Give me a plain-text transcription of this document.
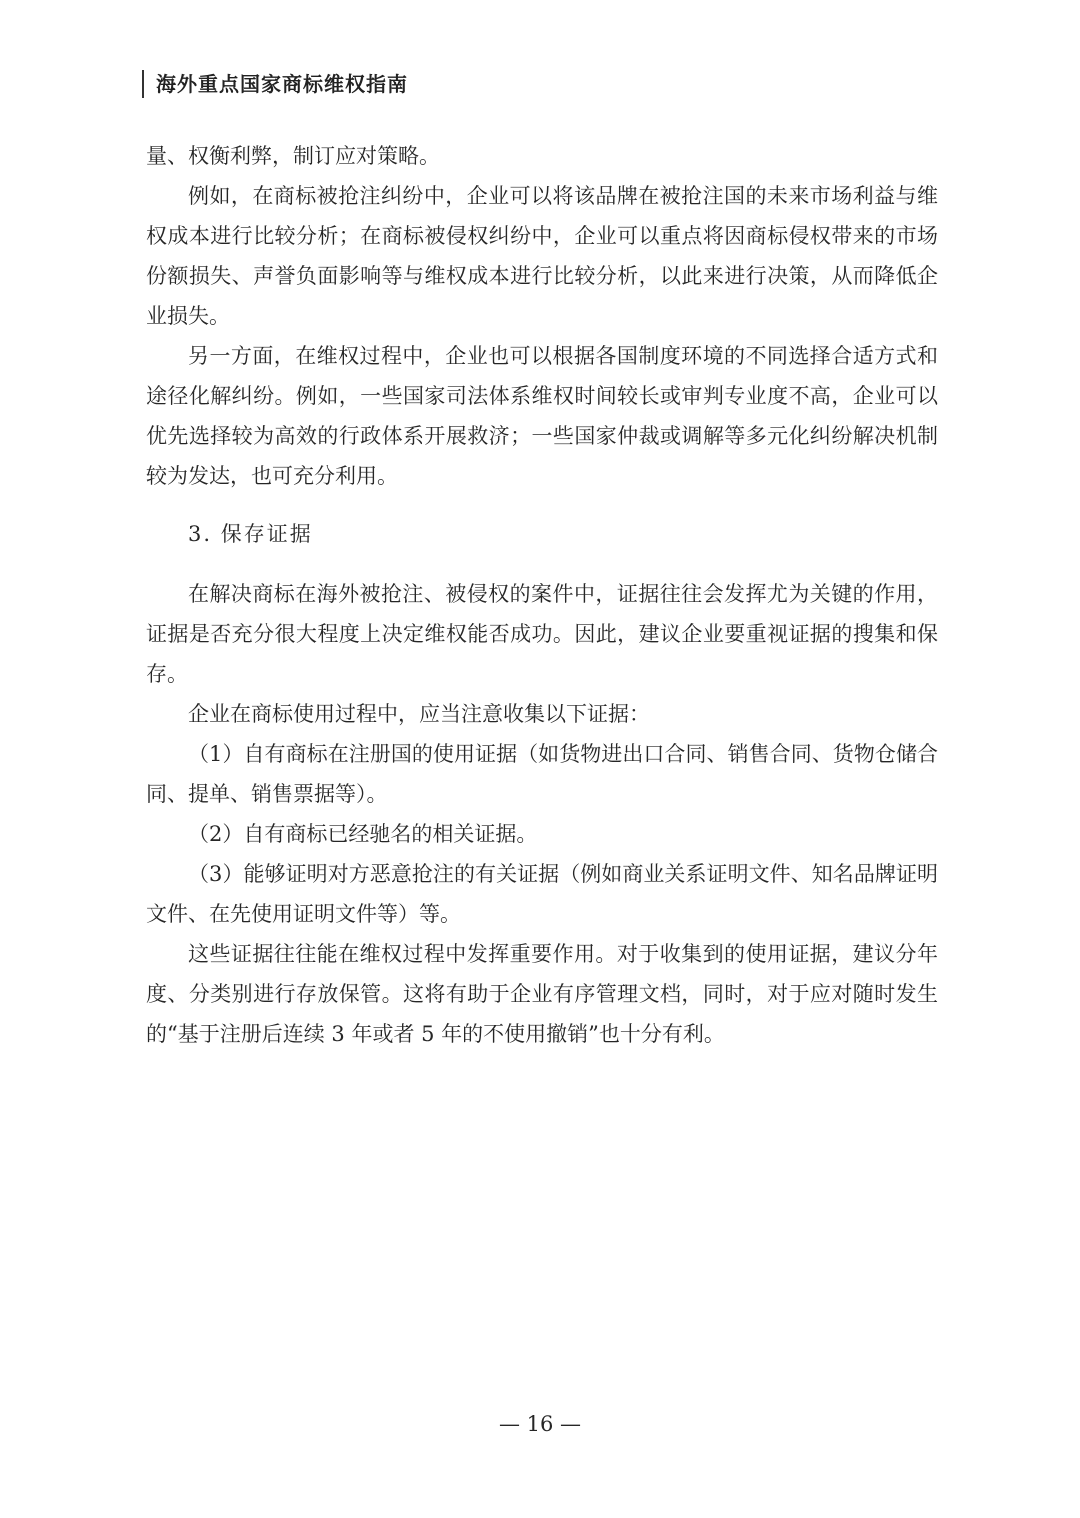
海外重点国家商标维权指南

量、权衡利弊，制订应对策略。

例如，在商标被抢注纠纷中，企业可以将该品牌在被抢注国的未来市场利益与维权成本进行比较分析；在商标被侵权纠纷中，企业可以重点将因商标侵权带来的市场份额损失、声誉负面影响等与维权成本进行比较分析，以此来进行决策，从而降低企业损失。

另一方面，在维权过程中，企业也可以根据各国制度环境的不同选择合适方式和途径化解纠纷。例如，一些国家司法体系维权时间较长或审判专业度不高，企业可以优先选择较为高效的行政体系开展救济；一些国家仲裁或调解等多元化纠纷解决机制较为发达，也可充分利用。

3. 保存证据

在解决商标在海外被抢注、被侵权的案件中，证据往往会发挥尤为关键的作用，证据是否充分很大程度上决定维权能否成功。因此，建议企业要重视证据的搜集和保存。

企业在商标使用过程中，应当注意收集以下证据：

（1）自有商标在注册国的使用证据（如货物进出口合同、销售合同、货物仓储合同、提单、销售票据等）。

（2）自有商标已经驰名的相关证据。

（3）能够证明对方恶意抢注的有关证据（例如商业关系证明文件、知名品牌证明文件、在先使用证明文件等）等。

这些证据往往能在维权过程中发挥重要作用。对于收集到的使用证据，建议分年度、分类别进行存放保管。这将有助于企业有序管理文档，同时，对于应对随时发生的“基于注册后连续 3 年或者 5 年的不使用撤销”也十分有利。

— 16 —
